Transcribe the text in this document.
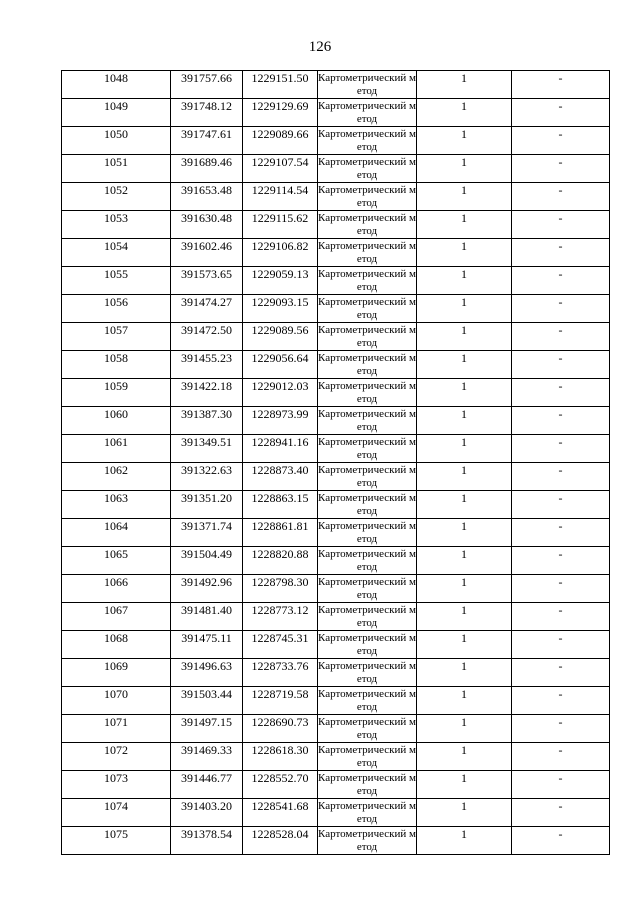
126
1048	391757.66	1229151.50	Картометрический метод	1	-
1049	391748.12	1229129.69	Картометрический метод	1	-
1050	391747.61	1229089.66	Картометрический метод	1	-
1051	391689.46	1229107.54	Картометрический метод	1	-
1052	391653.48	1229114.54	Картометрический метод	1	-
1053	391630.48	1229115.62	Картометрический метод	1	-
1054	391602.46	1229106.82	Картометрический метод	1	-
1055	391573.65	1229059.13	Картометрический метод	1	-
1056	391474.27	1229093.15	Картометрический метод	1	-
1057	391472.50	1229089.56	Картометрический метод	1	-
1058	391455.23	1229056.64	Картометрический метод	1	-
1059	391422.18	1229012.03	Картометрический метод	1	-
1060	391387.30	1228973.99	Картометрический метод	1	-
1061	391349.51	1228941.16	Картометрический метод	1	-
1062	391322.63	1228873.40	Картометрический метод	1	-
1063	391351.20	1228863.15	Картометрический метод	1	-
1064	391371.74	1228861.81	Картометрический метод	1	-
1065	391504.49	1228820.88	Картометрический метод	1	-
1066	391492.96	1228798.30	Картометрический метод	1	-
1067	391481.40	1228773.12	Картометрический метод	1	-
1068	391475.11	1228745.31	Картометрический метод	1	-
1069	391496.63	1228733.76	Картометрический метод	1	-
1070	391503.44	1228719.58	Картометрический метод	1	-
1071	391497.15	1228690.73	Картометрический метод	1	-
1072	391469.33	1228618.30	Картометрический метод	1	-
1073	391446.77	1228552.70	Картометрический метод	1	-
1074	391403.20	1228541.68	Картометрический метод	1	-
1075	391378.54	1228528.04	Картометрический метод	1	-
